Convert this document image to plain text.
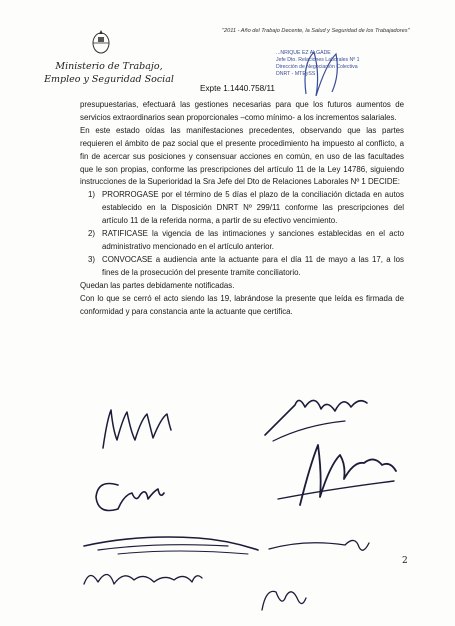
Ministerio de Trabajo,
Empleo y Seguridad Social
"2011 - Año del Trabajo Decente, la Salud y Seguridad de los Trabajadores"
...NRIQUE EZ ALGADE
Jefe Dto. Relaciones Laborales Nº 1
Dirección de Negociación Colectiva
DNRT - MTEySS
Expte 1.1440.758/11

presupuestarias, efectuará las gestiones necesarias para que los futuros aumentos de servicios extraordinarios sean proporcionales –como mínimo- a los incrementos salariales.

En este estado oídas las manifestaciones precedentes, observando que las partes requieren el ámbito de paz social que el presente procedimiento ha impuesto al conflicto, a fin de acercar sus posiciones y consensuar acciones en común, en uso de las facultades que le son propias, conforme las prescripciones del artículo 11 de la Ley 14786, siguiendo instrucciones de la Superioridad la Sra Jefe del Dto de Relaciones Laborales Nº 1 DECIDE:

1) PRORROGASE por el término de 5 días el plazo de la conciliación dictada en autos establecido en la Disposición DNRT Nº 299/11 conforme las prescripciones del artículo 11 de la referida norma, a partir de su efectivo vencimiento.
2) RATIFICASE la vigencia de las intimaciones y sanciones establecidas en el acto administrativo mencionado en el artículo anterior.
3) CONVOCASE a audiencia ante la actuante para el día 11 de mayo a las 17, a los fines de la prosecución del presente tramite conciliatorio.

Quedan las partes debidamente notificadas.

Con lo que se cerró el acto siendo las 19, labrándose la presente que leída es firmada de conformidad y para constancia ante la actuante que certifica.

2
